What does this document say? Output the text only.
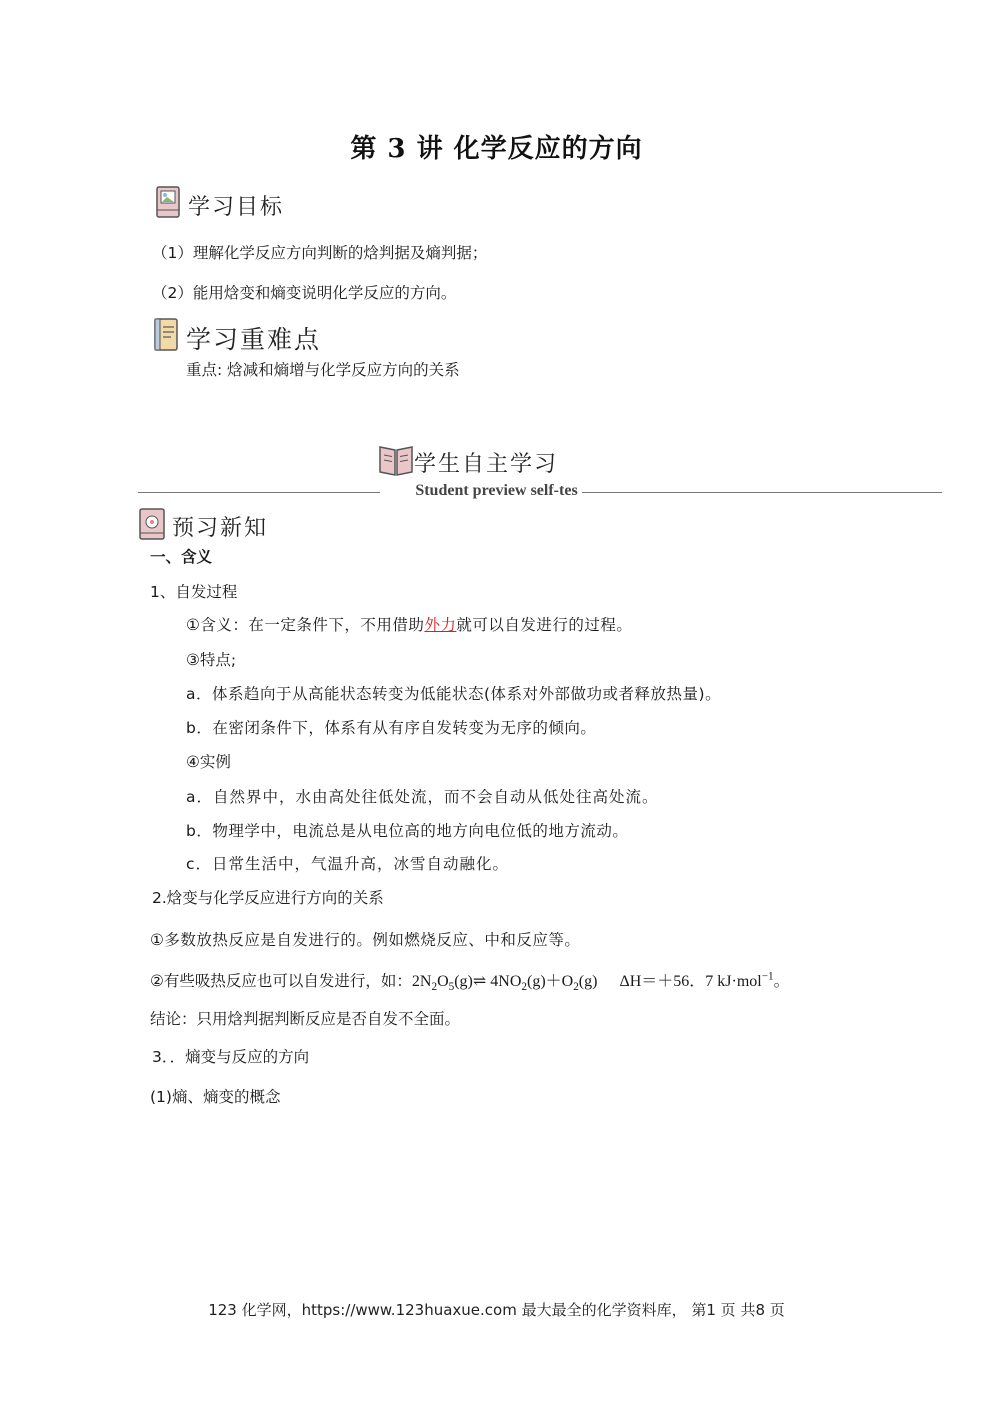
第 3 讲 化学反应的方向
学习目标
（1）理解化学反应方向判断的焓判据及熵判据；
（2）能用焓变和熵变说明化学反应的方向。
学习重难点
重点: 焓减和熵增与化学反应方向的关系
学生自主学习
Student preview self-tes
预习新知
一、含义
1、自发过程
①含义：在一定条件下，不用借助外力就可以自发进行的过程。
③特点;
a．体系趋向于从高能状态转变为低能状态(体系对外部做功或者释放热量)。
b．在密闭条件下，体系有从有序自发转变为无序的倾向。
④实例
a．自然界中，水由高处往低处流，而不会自动从低处往高处流。
b．物理学中，电流总是从电位高的地方向电位低的地方流动。
c．日常生活中，气温升高，冰雪自动融化。
2.焓变与化学反应进行方向的关系
①多数放热反应是自发进行的。例如燃烧反应、中和反应等。
②有些吸热反应也可以自发进行，如：$2N_2O_5(g)\rightleftharpoons$ $4NO_2(g)+O_2(g)$ ΔH＝＋56．7 kJ·mol$^{-1}$。
结论：只用焓判据判断反应是否自发不全面。
3．．熵变与反应的方向
(1)熵、熵变的概念
123 化学网，https://www.123huaxue.com 最大最全的化学资料库， 第1 页 共8 页
